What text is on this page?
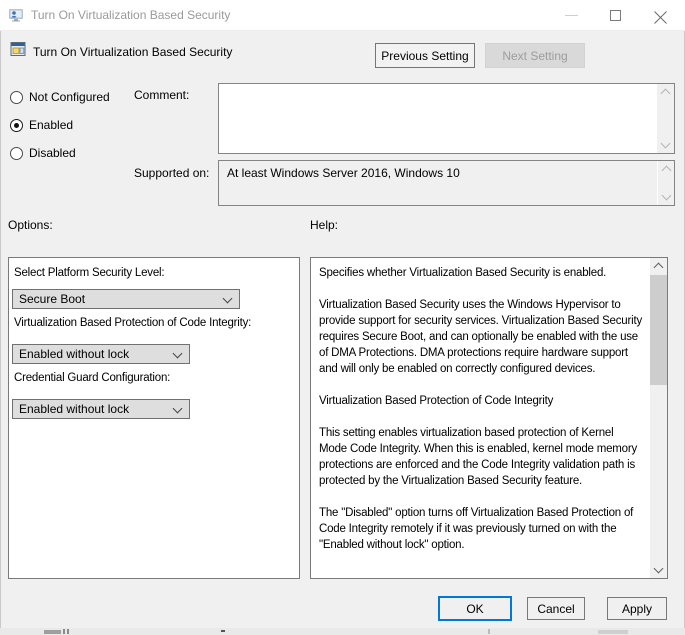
Turn On Virtualization Based Security
Turn On Virtualization Based Security	Previous Setting	Next Setting
Not Configured
Enabled
Disabled
Comment:
Supported on: At least Windows Server 2016, Windows 10
Options:	Help:
Select Platform Security Level:
Secure Boot
Virtualization Based Protection of Code Integrity:
Enabled without lock
Credential Guard Configuration:
Enabled without lock

Specifies whether Virtualization Based Security is enabled.

Virtualization Based Security uses the Windows Hypervisor to provide support for security services. Virtualization Based Security requires Secure Boot, and can optionally be enabled with the use of DMA Protections. DMA protections require hardware support and will only be enabled on correctly configured devices.

Virtualization Based Protection of Code Integrity

This setting enables virtualization based protection of Kernel Mode Code Integrity. When this is enabled, kernel mode memory protections are enforced and the Code Integrity validation path is protected by the Virtualization Based Security feature.

The "Disabled" option turns off Virtualization Based Protection of Code Integrity remotely if it was previously turned on with the "Enabled without lock" option.

OK	Cancel	Apply
